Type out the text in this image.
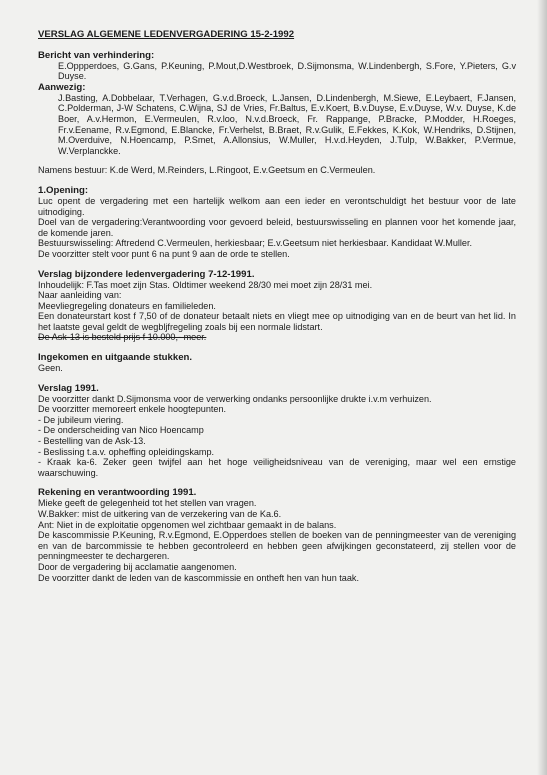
VERSLAG ALGEMENE LEDENVERGADERING 15-2-1992
Bericht van verhindering:

E.Oppperdoes, G.Gans, P.Keuning, P.Mout,D.Westbroek, D.Sijmonsma, W.Lindenbergh, S.Fore, Y.Pieters, G.v Duyse.

Aanwezig:

J.Basting, A.Dobbelaar, T.Verhagen, G.v.d.Broeck, L.Jansen, D.Lindenbergh, M.Siewe, E.Leybaert, F.Jansen, C.Polderman, J-W Schatens, C.Wijna, SJ de Vries, Fr.Baltus, E.v.Koert, B.v.Duyse, E.v.Duyse, W.v. Duyse, K.de Boer, A.v.Hermon, E.Vermeulen, R.v.loo, N.v.d.Broeck, Fr. Rappange, P.Bracke, P.Modder, H.Roeges, Fr.v.Eename, R.v.Egmond, E.Blancke, Fr.Verhelst, B.Braet, R.v.Gulik, E.Fekkes, K.Kok, W.Hendriks, D.Stijnen, M.Overduive, N.Hoencamp, P.Smet, A.Allonsius, W.Muller, H.v.d.Heyden, J.Tulp, W.Bakker, P.Vermue, W.Verplanckke.

Namens bestuur: K.de Werd, M.Reinders, L.Ringoot, E.v.Geetsum en C.Vermeulen.

1.Opening:

Luc opent de vergadering met een hartelijk welkom aan een ieder en verontschuldigt het bestuur voor de late uitnodiging.

Doel van de vergadering:Verantwoording voor gevoerd beleid, bestuurswisseling en plannen voor het komende jaar, de komende jaren.

Bestuurswisseling: Aftredend C.Vermeulen, herkiesbaar; E.v.Geetsum niet herkiesbaar. Kandidaat W.Muller.

De voorzitter stelt voor punt 6 na punt 9 aan de orde te stellen.

Verslag bijzondere ledenvergadering 7-12-1991.

Inhoudelijk: F.Tas moet zijn Stas. Oldtimer weekend 28/30 mei moet zijn 28/31 mei.

Naar aanleiding van:

Meevliegregeling donateurs en familieleden.

Een donateurstart kost f 7,50 of de donateur betaalt niets en vliegt mee op uitnodiging van en de beurt van het lid. In het laatste geval geldt de wegbljfregeling zoals bij een normale lidstart.

De Ask-13 is besteld prijs f 10.000,- meer.

Ingekomen en uitgaande stukken.

Geen.

Verslag 1991.

De voorzitter dankt D.Sijmonsma voor de verwerking ondanks persoonlijke drukte i.v.m verhuizen.

De voorzitter memoreert enkele hoogtepunten.

- De jubileum viering.

- De onderscheiding van Nico Hoencamp

- Bestelling van de Ask-13.

- Beslissing t.a.v. opheffing opleidingskamp.

- Kraak ka-6. Zeker geen twijfel aan het hoge veiligheidsniveau van de vereniging, maar wel een ernstige waarschuwing.

Rekening en verantwoording 1991.

Mieke geeft de gelegenheid tot het stellen van vragen.

W.Bakker: mist de uitkering van de verzekering van de Ka.6.

Ant: Niet in de exploitatie opgenomen wel zichtbaar gemaakt in de balans.

De kascommissie P.Keuning, R.v.Egmond, E.Opperdoes stellen de boeken van de penningmeester van de vereniging en van de barcommissie te hebben gecontroleerd en hebben geen afwijkingen geconstateerd, zij stellen voor de penningmeester te dechargeren.

Door de vergadering bij acclamatie aangenomen.

De voorzitter dankt de leden van de kascommissie en ontheft hen van hun taak.
